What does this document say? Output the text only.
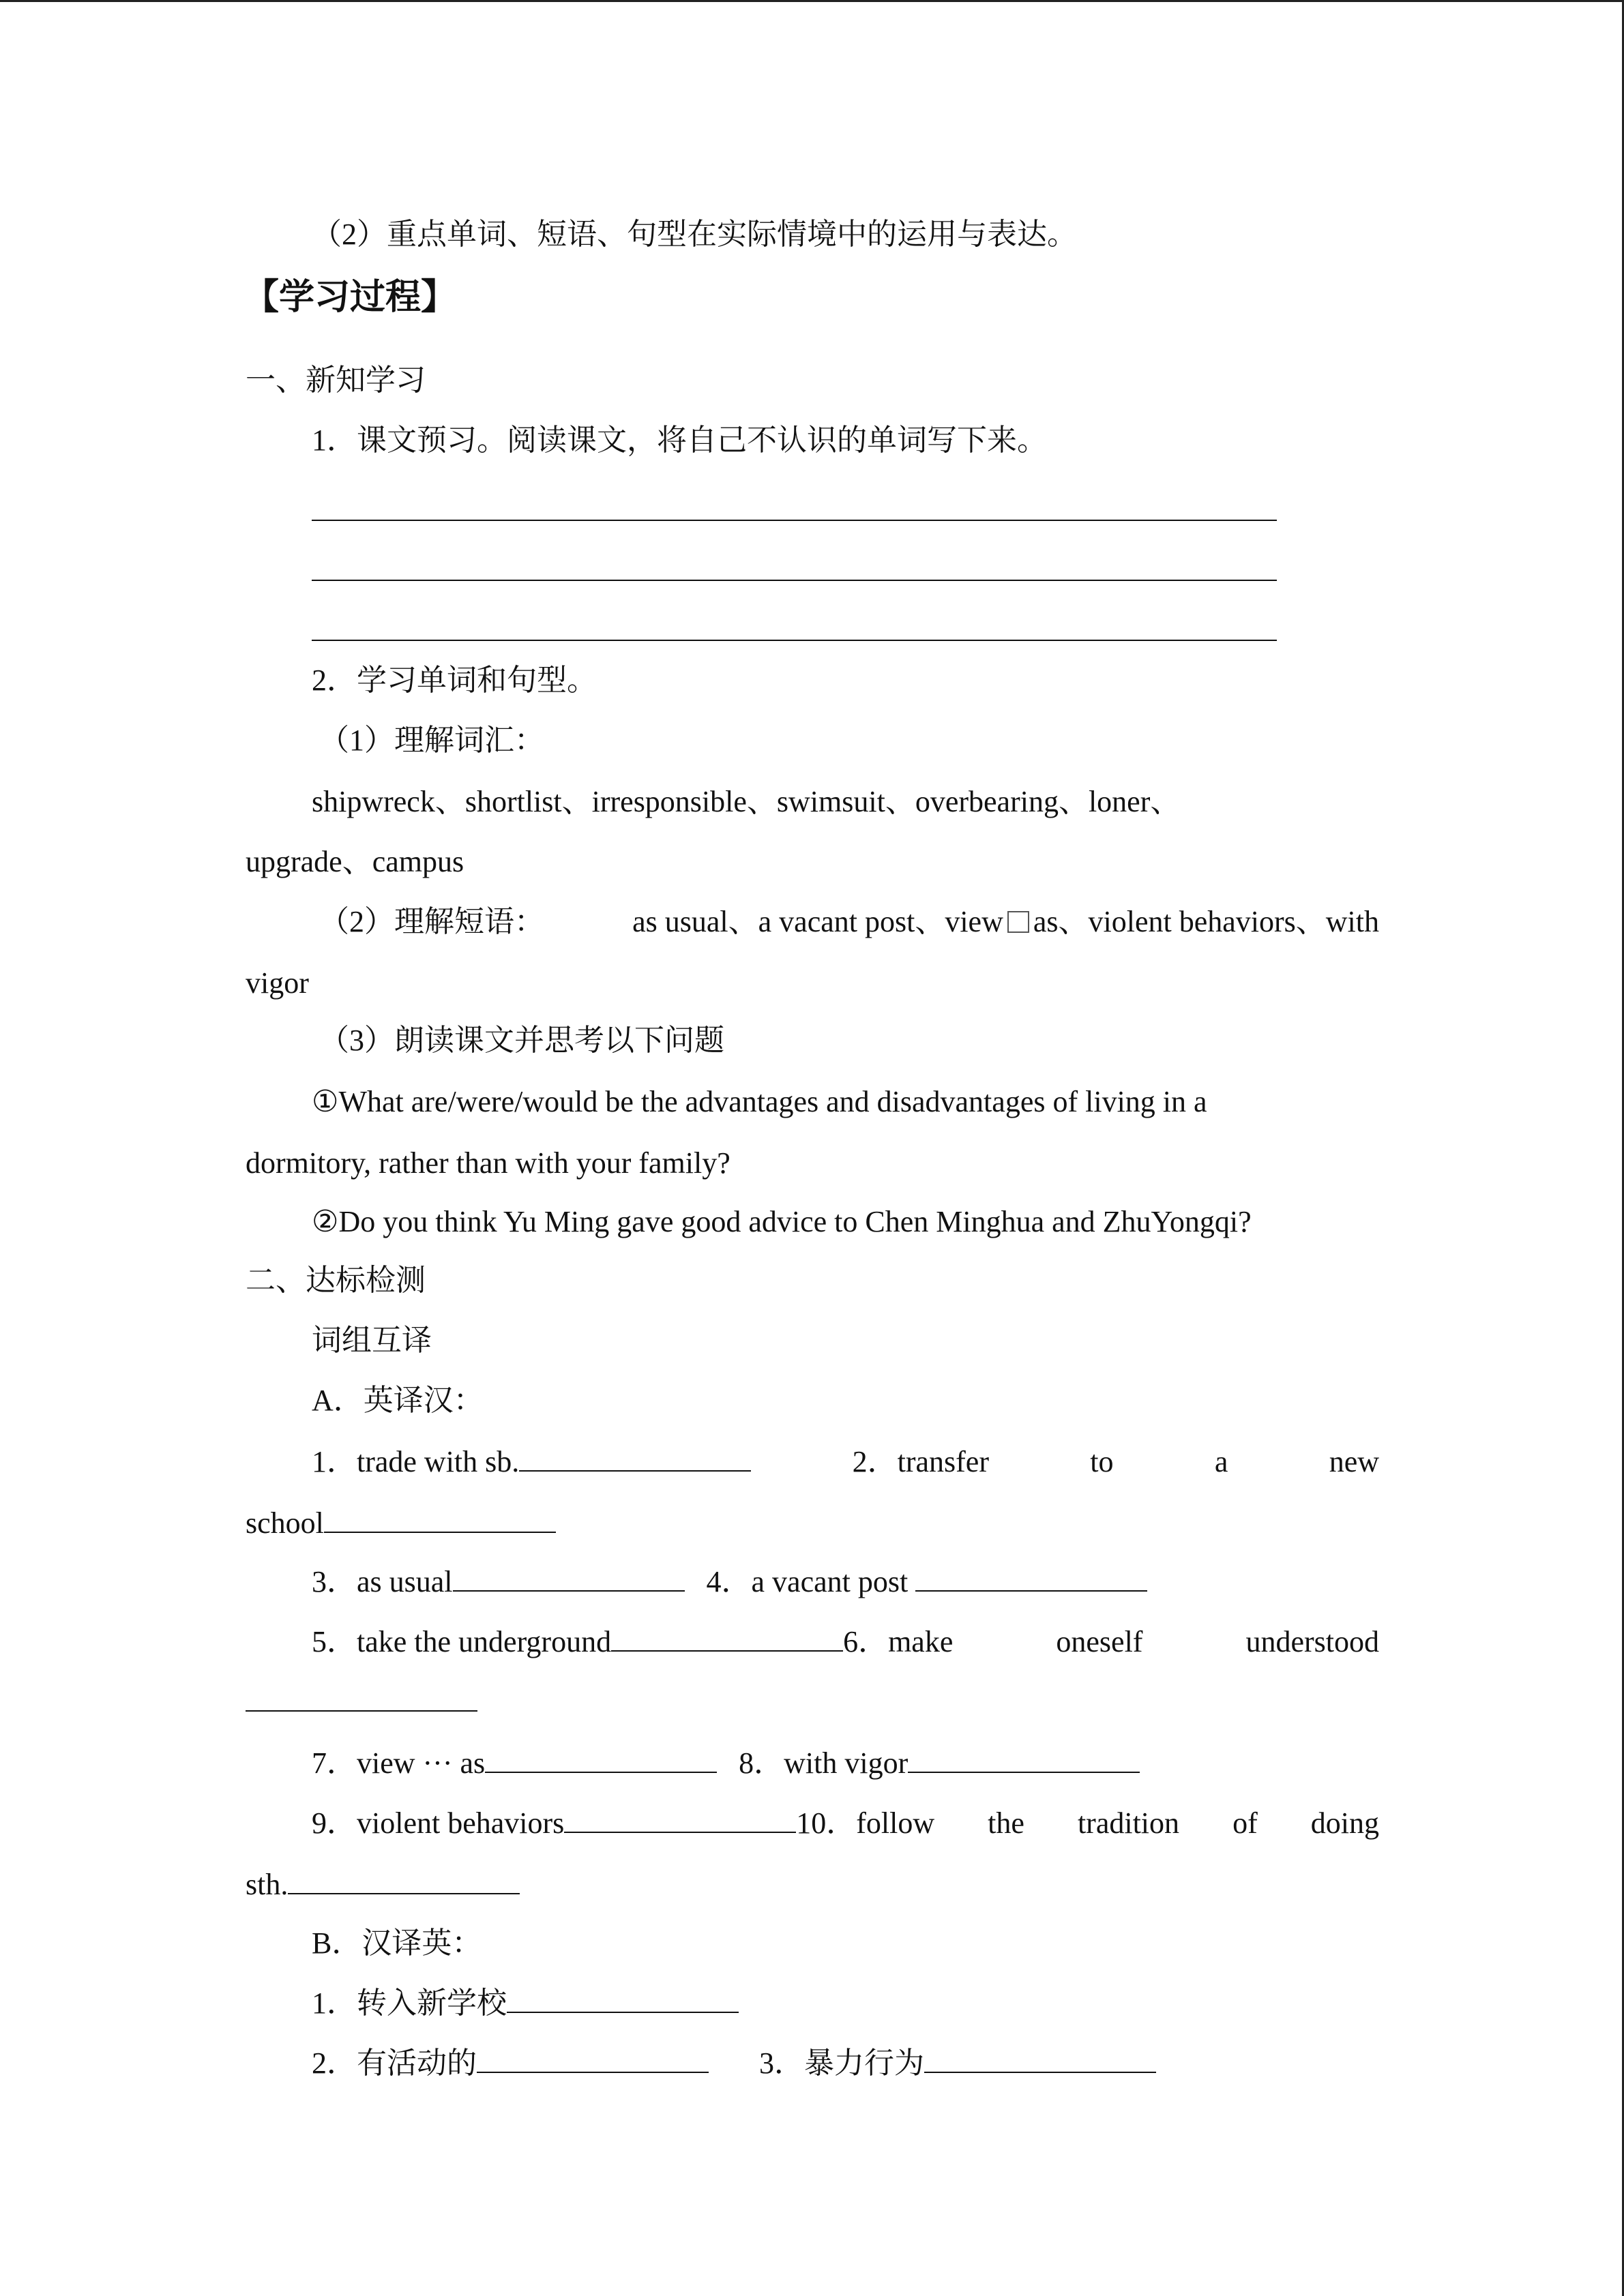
（2）重点单词、短语、句型在实际情境中的运用与表达。
【学习过程】
一、新知学习
1．课文预习。阅读课文，将自己不认识的单词写下来。
2．学习单词和句型。
（1）理解词汇：
shipwreck、shortlist、irresponsible、swimsuit、overbearing、loner、
upgrade、campus
（2）理解短语：	as usual、a vacant post、view as、violent behaviors、with
vigor
（3）朗读课文并思考以下问题
①What are/were/would be the advantages and disadvantages of living in a
dormitory, rather than with your family?
②Do you think Yu Ming gave good advice to Chen Minghua and ZhuYongqi?
二、达标检测
词组互译
A．英译汉：
1．trade with sb.	2．transfer	to	a	new
school
3．as usual	4．a vacant post
5．take the underground	6．make	oneself	understood
7．view ··· as	8．with vigor
9．violent behaviors	10．follow the tradition of doing
sth.
B．汉译英：
1．转入新学校
2．有活动的	3．暴力行为
